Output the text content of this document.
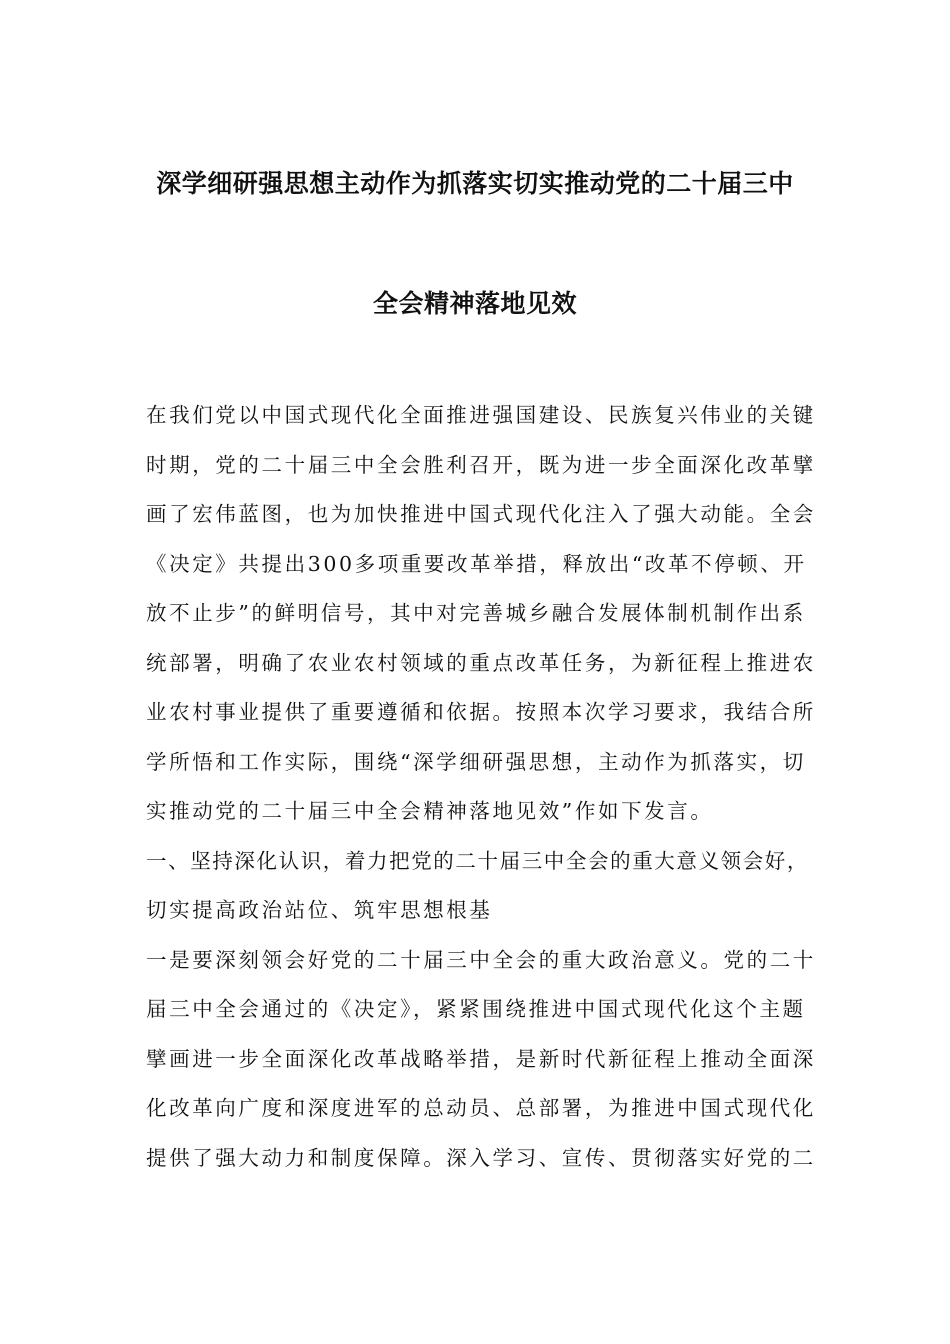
深学细研强思想主动作为抓落实切实推动党的二十届三中
全会精神落地见效
在我们党以中国式现代化全面推进强国建设、民族复兴伟业的关键
时期，党的二十届三中全会胜利召开，既为进一步全面深化改革擘
画了宏伟蓝图，也为加快推进中国式现代化注入了强大动能。全会
《决定》共提出300多项重要改革举措，释放出“改革不停顿、开
放不止步”的鲜明信号，其中对完善城乡融合发展体制机制作出系
统部署，明确了农业农村领域的重点改革任务，为新征程上推进农
业农村事业提供了重要遵循和依据。按照本次学习要求，我结合所
学所悟和工作实际，围绕“深学细研强思想，主动作为抓落实，切
实推动党的二十届三中全会精神落地见效”作如下发言。
一、坚持深化认识，着力把党的二十届三中全会的重大意义领会好，
切实提高政治站位、筑牢思想根基
一是要深刻领会好党的二十届三中全会的重大政治意义。党的二十
届三中全会通过的《决定》，紧紧围绕推进中国式现代化这个主题
擘画进一步全面深化改革战略举措，是新时代新征程上推动全面深
化改革向广度和深度进军的总动员、总部署，为推进中国式现代化
提供了强大动力和制度保障。深入学习、宣传、贯彻落实好党的二
